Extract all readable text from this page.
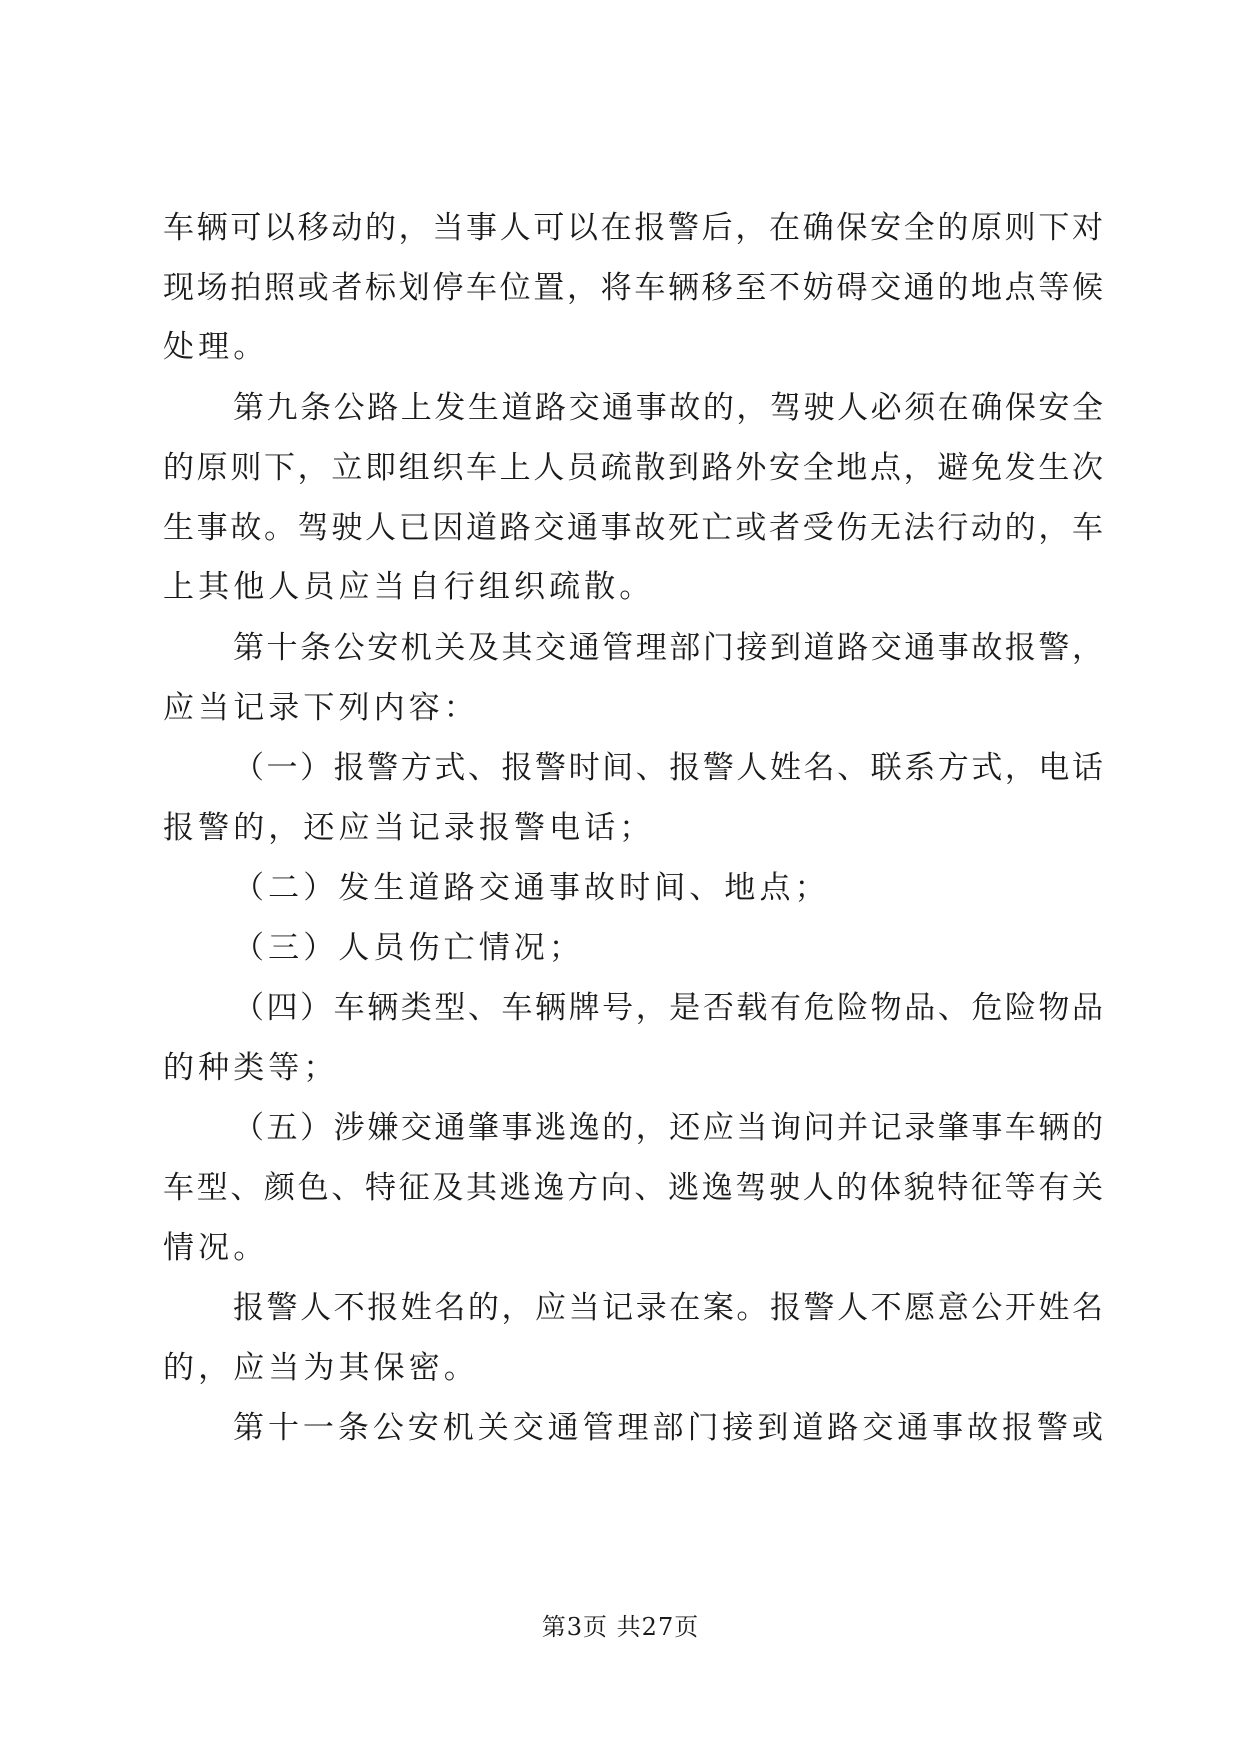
车辆可以移动的，当事人可以在报警后，在确保安全的原则下对
现场拍照或者标划停车位置，将车辆移至不妨碍交通的地点等候
处理。
第九条公路上发生道路交通事故的，驾驶人必须在确保安全
的原则下，立即组织车上人员疏散到路外安全地点，避免发生次
生事故。驾驶人已因道路交通事故死亡或者受伤无法行动的，车
上其他人员应当自行组织疏散。
第十条公安机关及其交通管理部门接到道路交通事故报警，
应当记录下列内容：
（一）报警方式、报警时间、报警人姓名、联系方式，电话
报警的，还应当记录报警电话；
（二）发生道路交通事故时间、地点；
（三）人员伤亡情况；
（四）车辆类型、车辆牌号，是否载有危险物品、危险物品
的种类等；
（五）涉嫌交通肇事逃逸的，还应当询问并记录肇事车辆的
车型、颜色、特征及其逃逸方向、逃逸驾驶人的体貌特征等有关
情况。
报警人不报姓名的，应当记录在案。报警人不愿意公开姓名
的，应当为其保密。
第十一条公安机关交通管理部门接到道路交通事故报警或
第3页 共27页
